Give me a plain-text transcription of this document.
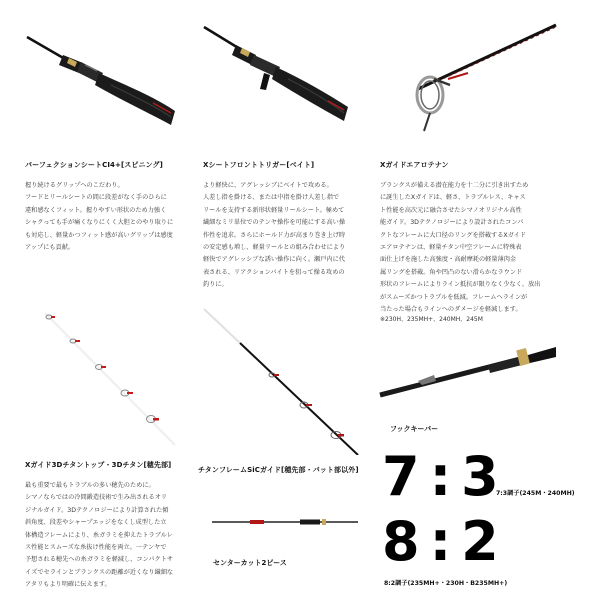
パーフェクションシートCI4+[スピニング]

握り続けるグリップへのこだわり。

フードとリールシートの間に段差がなく手のひらに

違和感なくフィット。握りやすい形状のため力強く

シャクっても手が痛くなりにくく大胆とのやり取りに

も対応し、軽量かつフィット感が高いグリップは感度

アップにも貢献。

Xシートフロントトリガー[ベイト]

より軽快に、アグレッシブにベイトで攻める。

人差し指を掛ける、または中指を掛け人差し指で

リールを支持する新形状軽量リールシート。極めて

繊細なミリ単位でのテンヤ操作を可能にする高い操

作性を追求。さらにホールド力が高まり巻き上げ時

の安定感も増し、軽量リールとの組み合わせにより

軽快でアグレッシブな誘い操作に向く。瀬戸内に代

表される、リアクションバイトを狙って操る攻めの

釣りに。

Xガイドエアロテナン

ブランクスが備える潜在能力を十二分に引き出すため

に誕生したXガイドは、軽さ、トラブルレス、キャス

ト性能を高次元に融合させたシマノオリジナル高性

能ガイド。3Dテクノロジーにより設計されたコンパ

クトなフレームに大口径のリングを搭載するXガイド

エアロテナンは、軽量チタン中空フレームに特殊表

面仕上げを施した高強度・高耐摩耗の軽量薄肉金

属リングを搭載。角や凹凸のない滑らかなラウンド

形状のフレームによりライン抵抗が限りなく少なく、放出

がスムーズかつトラブルを低減。フレームへラインが

当たった場合もラインへのダメージを軽減します。

※230H、235MH+、240MH、245M
フックキーパー
Xガイド3Dチタントップ・3Dチタン[穂先部]

最も重要で最もトラブルの多い穂先のために。

シマノならではの冷間鍛造技術で生み出されるオリ

ジナルガイド。3Dテクノロジーにより計算された傾

斜角度、段差やシャープエッジをなくし成型した立

体構造フレームにより、糸ガラミを抑えたトラブルレ

ス性能とスムーズな糸抜け性能を両立。一テンヤで

予想される穂先への糸ガラミを軽減し、コンパクトサ

イズでセラインとブランクスの距離が近くなり繊細な

アタリもより明確に伝えます。

チタンフレームSiCガイド[穂先部・バット部以外]
センターカット2ピース
7:3
7:3調子(245M・240MH)
8:2
8:2調子(235MH+・230H・B235MH+)
